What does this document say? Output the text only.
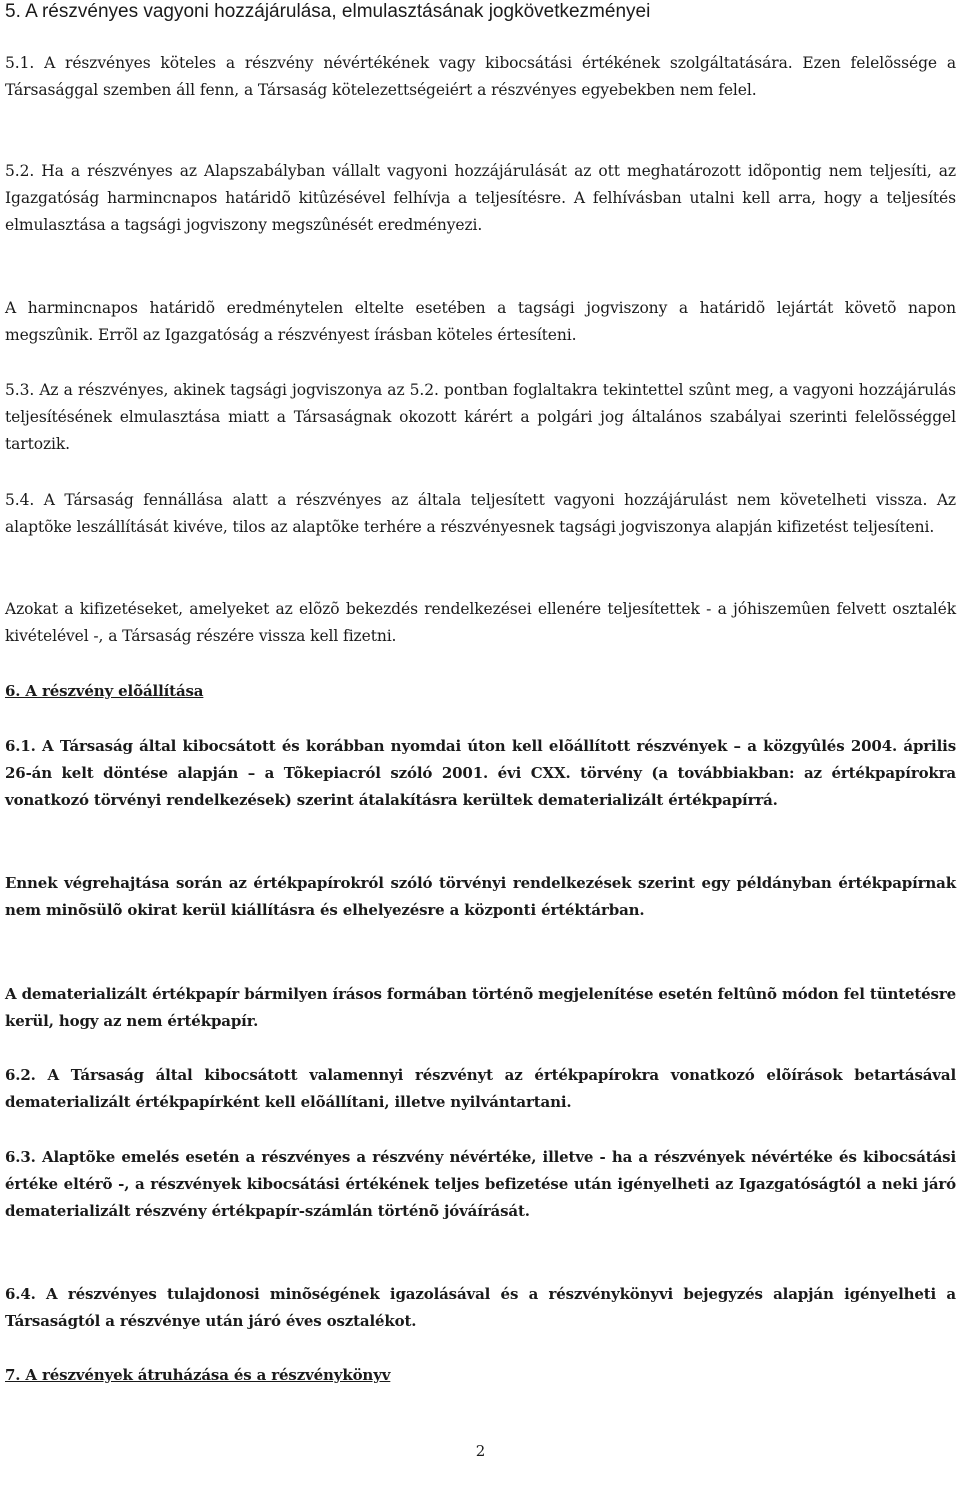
5. A részvényes vagyoni hozzájárulása, elmulasztásának jogkövetkezményei

5.1. A részvényes köteles a részvény névértékének vagy kibocsátási értékének szolgáltatására. Ezen felelõssége a Társasággal szemben áll fenn, a Társaság kötelezettségeiért a részvényes egyebekben nem felel.

5.2. Ha a részvényes az Alapszabályban vállalt vagyoni hozzájárulását az ott meghatározott idõpontig nem teljesíti, az Igazgatóság harmincnapos határidõ kitûzésével felhívja a teljesítésre. A felhívásban utalni kell arra, hogy a teljesítés elmulasztása a tagsági jogviszony megszûnését eredményezi.

A harmincnapos határidõ eredménytelen eltelte esetében a tagsági jogviszony a határidõ lejártát követõ napon megszûnik. Errõl az Igazgatóság a részvényest írásban köteles értesíteni.

5.3. Az a részvényes, akinek tagsági jogviszonya az 5.2. pontban foglaltakra tekintettel szûnt meg, a vagyoni hozzájárulás teljesítésének elmulasztása miatt a Társaságnak okozott kárért a polgári jog általános szabályai szerinti felelõsséggel tartozik.

5.4. A Társaság fennállása alatt a részvényes az általa teljesített vagyoni hozzájárulást nem követelheti vissza. Az alaptõke leszállítását kivéve, tilos az alaptõke terhére a részvényesnek tagsági jogviszonya alapján kifizetést teljesíteni.

Azokat a kifizetéseket, amelyeket az elõzõ bekezdés rendelkezései ellenére teljesítettek - a jóhiszemûen felvett osztalék kivételével -, a Társaság részére vissza kell fizetni.

6. A részvény elõállítása

6.1. A Társaság által kibocsátott és korábban nyomdai úton kell elõállított részvények – a közgyûlés 2004. április 26-án kelt döntése alapján – a Tõkepiacról szóló 2001. évi CXX. törvény (a továbbiakban: az értékpapírokra vonatkozó törvényi rendelkezések) szerint átalakításra kerültek dematerializált értékpapírrá.

Ennek végrehajtása során az értékpapírokról szóló törvényi rendelkezések szerint egy példányban értékpapírnak nem minõsülõ okirat kerül kiállításra és elhelyezésre a központi értéktárban.

A dematerializált értékpapír bármilyen írásos formában történõ megjelenítése esetén feltûnõ módon fel tüntetésre kerül, hogy az nem értékpapír.

6.2. A Társaság által kibocsátott valamennyi részvényt az értékpapírokra vonatkozó elõírások betartásával dematerializált értékpapírként kell elõállítani, illetve nyilvántartani.

6.3. Alaptõke emelés esetén a részvényes a részvény névértéke, illetve - ha a részvények névértéke és kibocsátási értéke eltérõ -, a részvények kibocsátási értékének teljes befizetése után igényelheti az Igazgatóságtól a neki járó dematerializált részvény értékpapír-számlán történõ jóváírását.

6.4. A részvényes tulajdonosi minõségének igazolásával és a részvénykönyvi bejegyzés alapján igényelheti a Társaságtól a részvénye után járó éves osztalékot.

7. A részvények átruházása és a részvénykönyv

2
